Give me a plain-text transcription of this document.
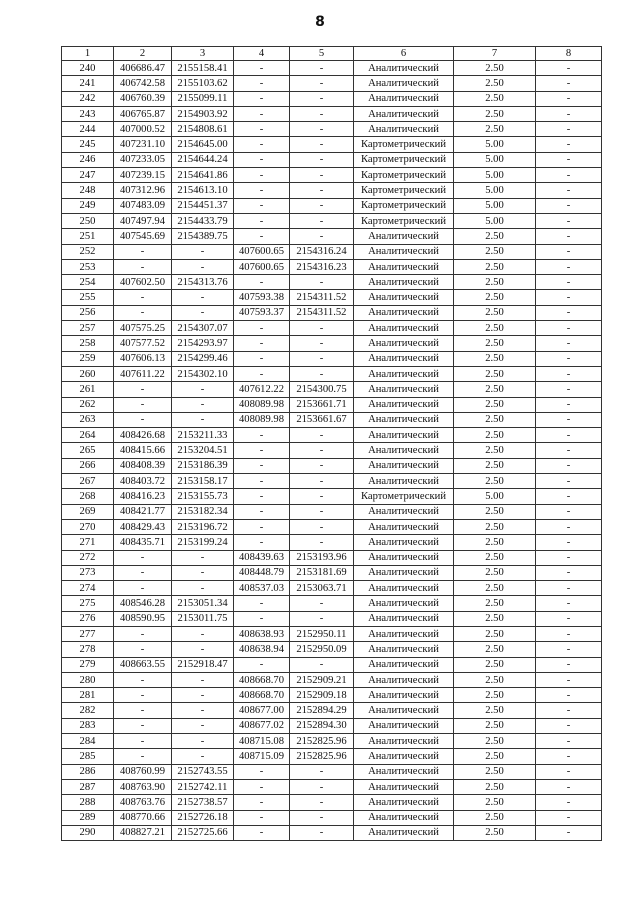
8
1	2	3	4	5	6	7	8
240	406686.47	2155158.41	-	-	Аналитический	2.50	-
241	406742.58	2155103.62	-	-	Аналитический	2.50	-
242	406760.39	2155099.11	-	-	Аналитический	2.50	-
243	406765.87	2154903.92	-	-	Аналитический	2.50	-
244	407000.52	2154808.61	-	-	Аналитический	2.50	-
245	407231.10	2154645.00	-	-	Картометрический	5.00	-
246	407233.05	2154644.24	-	-	Картометрический	5.00	-
247	407239.15	2154641.86	-	-	Картометрический	5.00	-
248	407312.96	2154613.10	-	-	Картометрический	5.00	-
249	407483.09	2154451.37	-	-	Картометрический	5.00	-
250	407497.94	2154433.79	-	-	Картометрический	5.00	-
251	407545.69	2154389.75	-	-	Аналитический	2.50	-
252	-	-	407600.65	2154316.24	Аналитический	2.50	-
253	-	-	407600.65	2154316.23	Аналитический	2.50	-
254	407602.50	2154313.76	-	-	Аналитический	2.50	-
255	-	-	407593.38	2154311.52	Аналитический	2.50	-
256	-	-	407593.37	2154311.52	Аналитический	2.50	-
257	407575.25	2154307.07	-	-	Аналитический	2.50	-
258	407577.52	2154293.97	-	-	Аналитический	2.50	-
259	407606.13	2154299.46	-	-	Аналитический	2.50	-
260	407611.22	2154302.10	-	-	Аналитический	2.50	-
261	-	-	407612.22	2154300.75	Аналитический	2.50	-
262	-	-	408089.98	2153661.71	Аналитический	2.50	-
263	-	-	408089.98	2153661.67	Аналитический	2.50	-
264	408426.68	2153211.33	-	-	Аналитический	2.50	-
265	408415.66	2153204.51	-	-	Аналитический	2.50	-
266	408408.39	2153186.39	-	-	Аналитический	2.50	-
267	408403.72	2153158.17	-	-	Аналитический	2.50	-
268	408416.23	2153155.73	-	-	Картометрический	5.00	-
269	408421.77	2153182.34	-	-	Аналитический	2.50	-
270	408429.43	2153196.72	-	-	Аналитический	2.50	-
271	408435.71	2153199.24	-	-	Аналитический	2.50	-
272	-	-	408439.63	2153193.96	Аналитический	2.50	-
273	-	-	408448.79	2153181.69	Аналитический	2.50	-
274	-	-	408537.03	2153063.71	Аналитический	2.50	-
275	408546.28	2153051.34	-	-	Аналитический	2.50	-
276	408590.95	2153011.75	-	-	Аналитический	2.50	-
277	-	-	408638.93	2152950.11	Аналитический	2.50	-
278	-	-	408638.94	2152950.09	Аналитический	2.50	-
279	408663.55	2152918.47	-	-	Аналитический	2.50	-
280	-	-	408668.70	2152909.21	Аналитический	2.50	-
281	-	-	408668.70	2152909.18	Аналитический	2.50	-
282	-	-	408677.00	2152894.29	Аналитический	2.50	-
283	-	-	408677.02	2152894.30	Аналитический	2.50	-
284	-	-	408715.08	2152825.96	Аналитический	2.50	-
285	-	-	408715.09	2152825.96	Аналитический	2.50	-
286	408760.99	2152743.55	-	-	Аналитический	2.50	-
287	408763.90	2152742.11	-	-	Аналитический	2.50	-
288	408763.76	2152738.57	-	-	Аналитический	2.50	-
289	408770.66	2152726.18	-	-	Аналитический	2.50	-
290	408827.21	2152725.66	-	-	Аналитический	2.50	-
